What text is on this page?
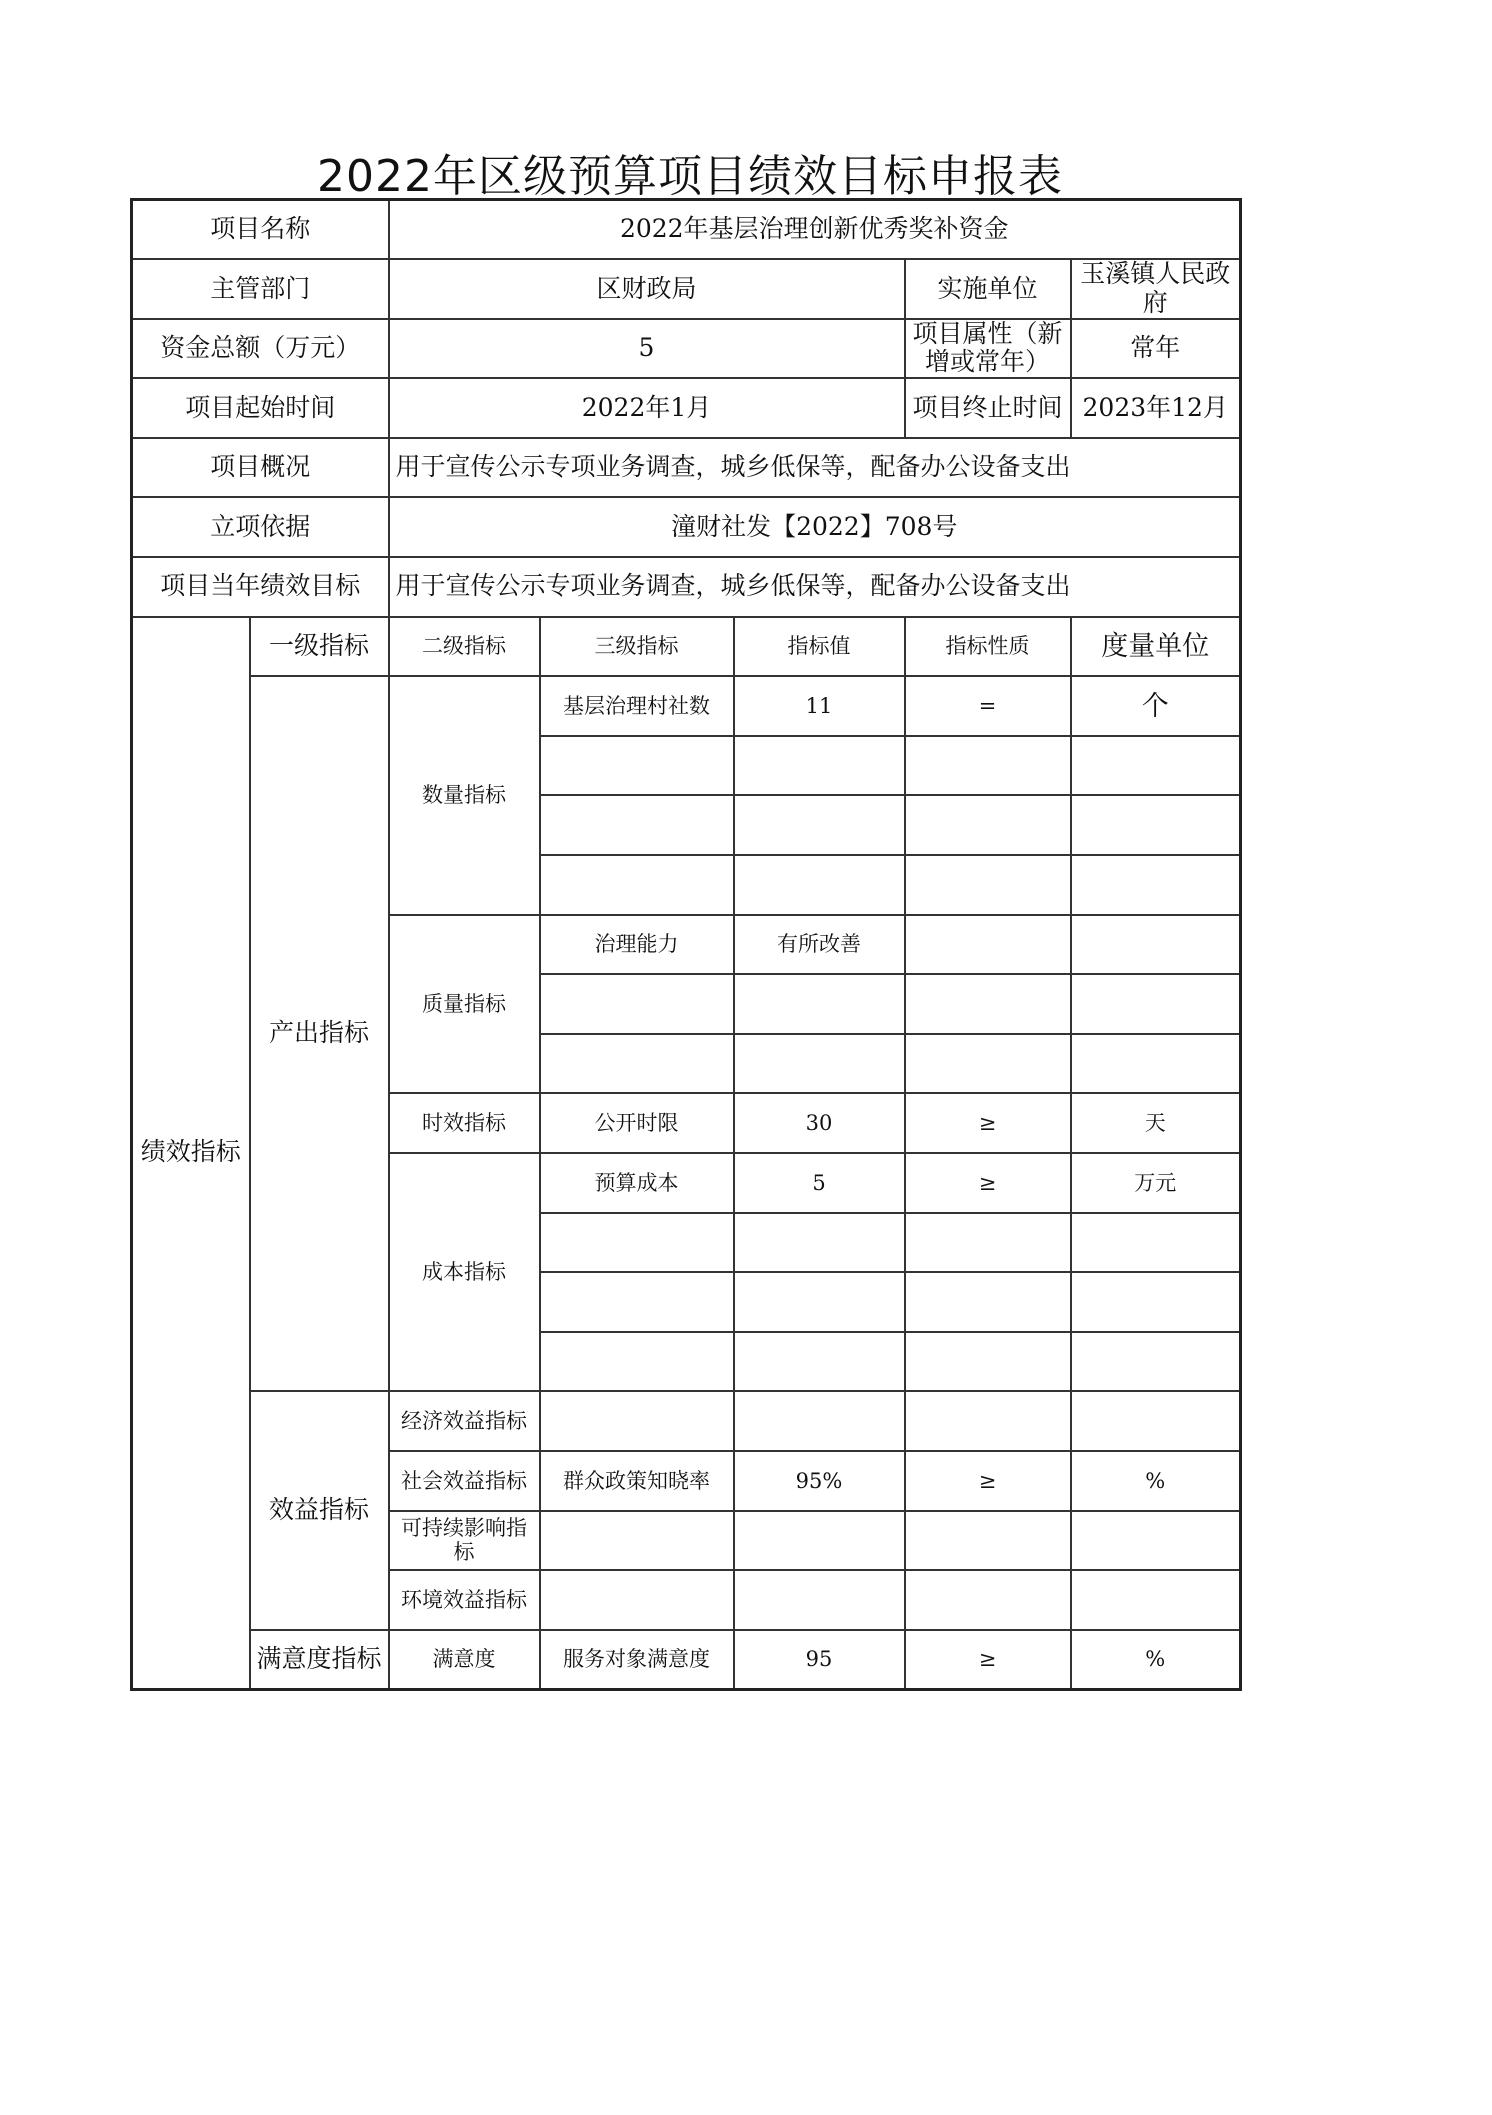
2022年区级预算项目绩效目标申报表
项目名称		2022年基层治理创新优秀奖补资金				
主管部门		区财政局			实施单位	玉溪镇人民政府
资金总额（万元）		5			项目属性（新增或常年）	常年
项目起始时间		2022年1月			项目终止时间	2023年12月
项目概况		用于宣传公示专项业务调查，城乡低保等，配备办公设备支出				
立项依据		潼财社发【2022】708号				
项目当年绩效目标		用于宣传公示专项业务调查，城乡低保等，配备办公设备支出				
绩效指标	一级指标	二级指标	三级指标	指标值	指标性质	度量单位
	产出指标	数量指标	基层治理村社数	11	=	个

		质量指标	治理能力	有所改善		

		时效指标	公开时限	30	≥	天
		成本指标	预算成本	5	≥	万元

	效益指标	经济效益指标				
		社会效益指标	群众政策知晓率	95%	≥	%
		可持续影响指标				
		环境效益指标				
	满意度指标	满意度	服务对象满意度	95	≥	%
